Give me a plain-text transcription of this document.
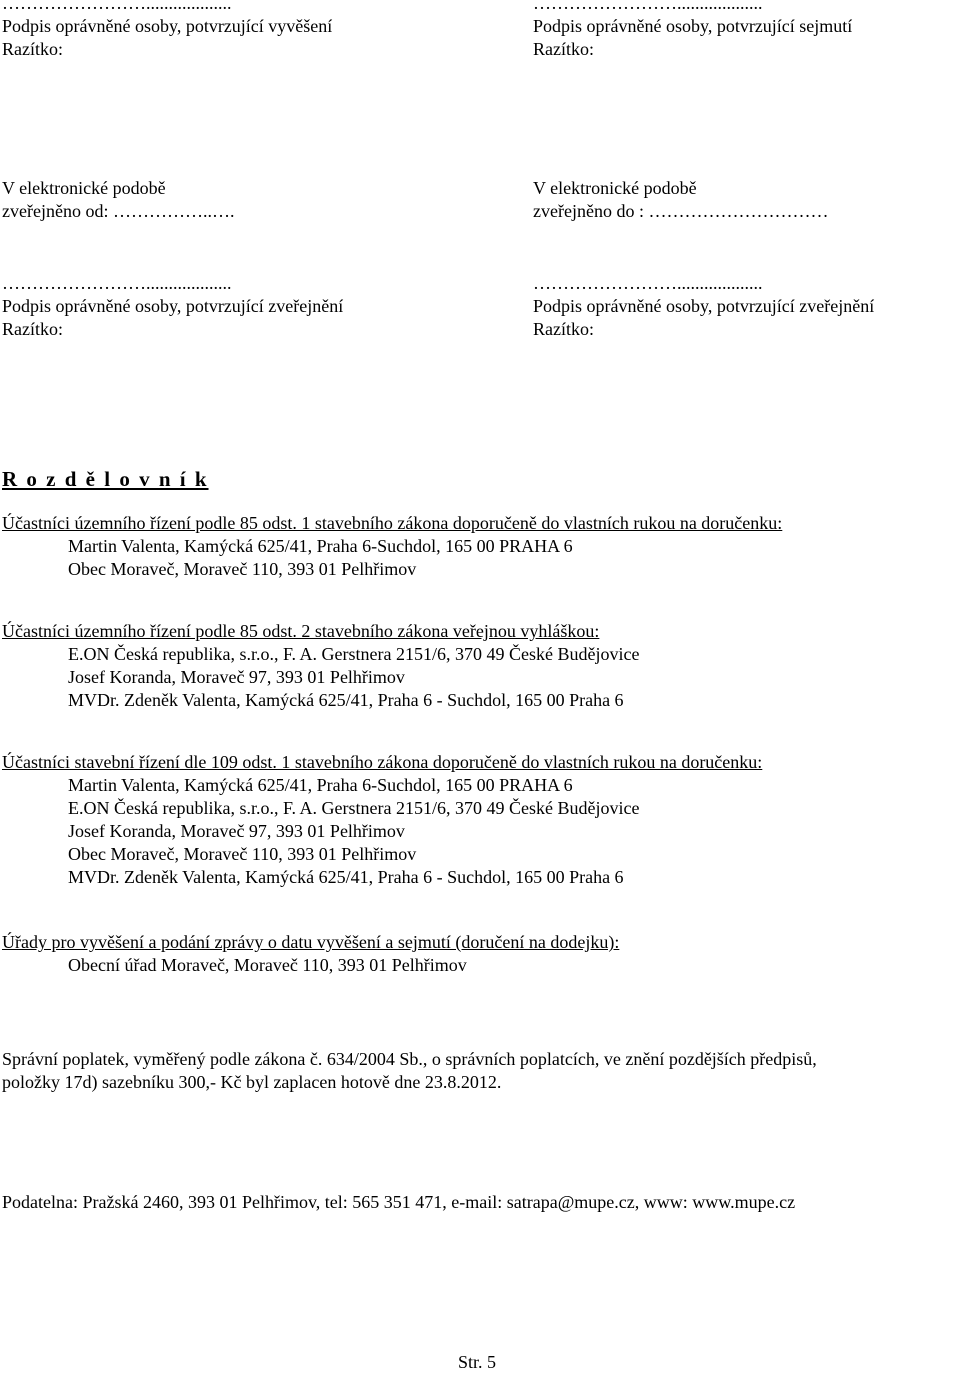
……………………...................
Podpis oprávněné osoby, potvrzující vyvěšení
Razítko:
……………………...................
Podpis oprávněné osoby, potvrzující sejmutí
Razítko:
V elektronické podobě
zveřejněno od: ……………..….
V elektronické podobě
zveřejněno do : …………………………
……………………...................
Podpis oprávněné osoby, potvrzující zveřejnění
Razítko:
……………………...................
Podpis oprávněné osoby, potvrzující zveřejnění
Razítko:
R o z d ě l o v n í k
Účastníci územního řízení podle 85 odst. 1 stavebního zákona doporučeně do vlastních rukou na doručenku:
Martin Valenta, Kamýcká 625/41, Praha 6-Suchdol, 165 00 PRAHA 6
Obec Moraveč, Moraveč 110, 393 01 Pelhřimov
Účastníci územního řízení podle 85 odst. 2 stavebního zákona veřejnou vyhláškou:
E.ON Česká republika, s.r.o., F. A. Gerstnera 2151/6, 370 49 České Budějovice
Josef Koranda, Moraveč 97, 393 01 Pelhřimov
MVDr. Zdeněk Valenta, Kamýcká 625/41, Praha 6 - Suchdol, 165 00 Praha 6
Účastníci stavební řízení dle 109 odst. 1 stavebního zákona doporučeně do vlastních rukou na doručenku:
Martin Valenta, Kamýcká 625/41, Praha 6-Suchdol, 165 00 PRAHA 6
E.ON Česká republika, s.r.o., F. A. Gerstnera 2151/6, 370 49 České Budějovice
Josef Koranda, Moraveč 97, 393 01 Pelhřimov
Obec Moraveč, Moraveč 110, 393 01 Pelhřimov
MVDr. Zdeněk Valenta, Kamýcká 625/41, Praha 6 - Suchdol, 165 00 Praha 6
Úřady pro vyvěšení a podání zprávy o datu vyvěšení a sejmutí (doručení na dodejku):
Obecní úřad Moraveč, Moraveč 110, 393 01 Pelhřimov
Správní poplatek, vyměřený podle zákona č. 634/2004 Sb., o správních poplatcích, ve znění pozdějších předpisů,
položky 17d) sazebníku 300,- Kč byl zaplacen hotově dne 23.8.2012.
Podatelna: Pražská 2460, 393 01 Pelhřimov, tel: 565 351 471, e-mail: satrapa@mupe.cz, www: www.mupe.cz
Str. 5
